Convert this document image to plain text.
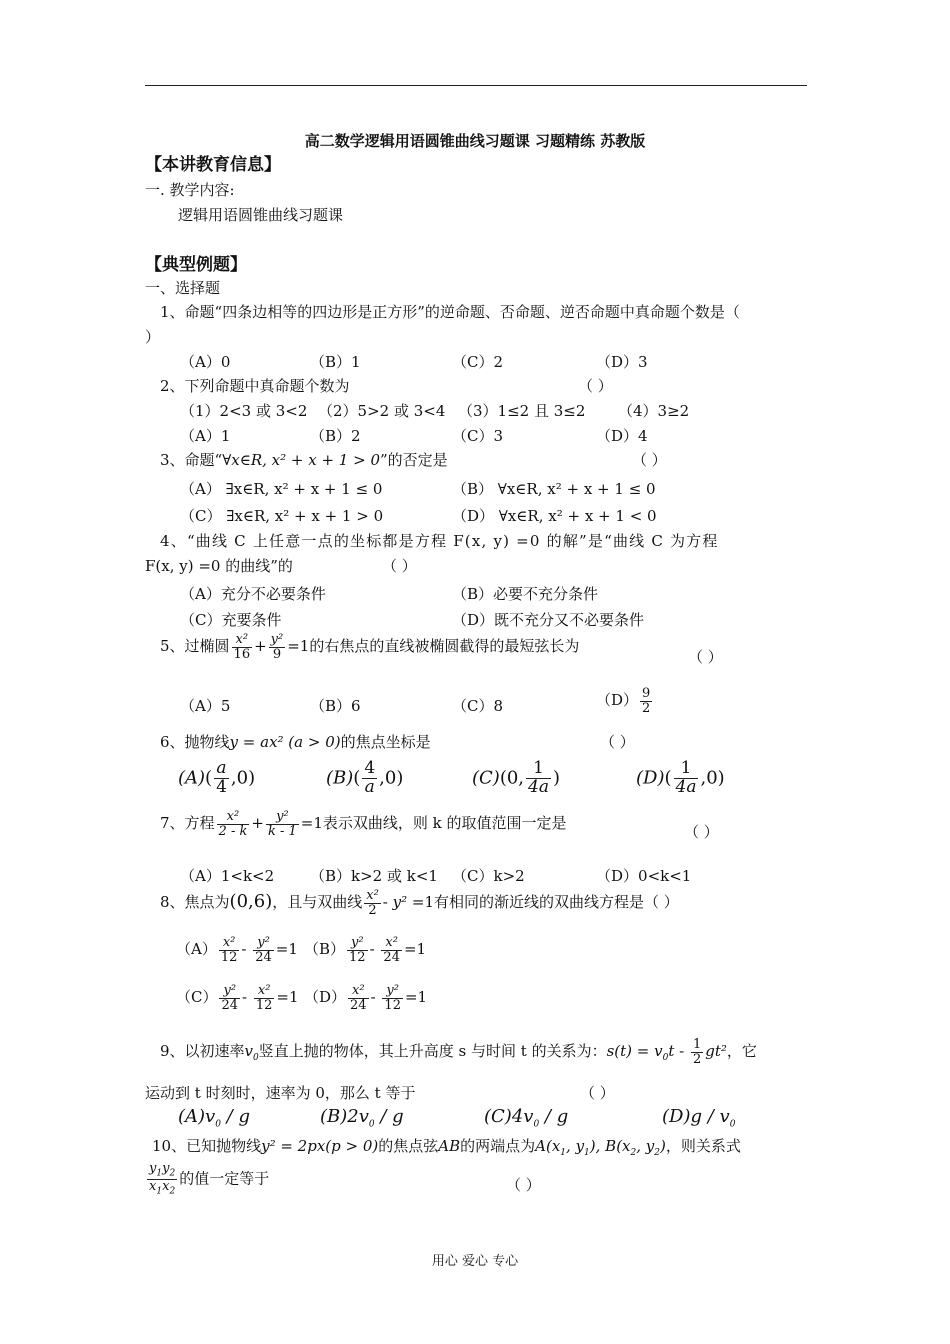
高二数学逻辑用语圆锥曲线习题课 习题精练 苏教版
【本讲教育信息】
一. 教学内容:
逻辑用语圆锥曲线习题课
【典型例题】
一、选择题
1、命题“四条边相等的四边形是正方形”的逆命题、否命题、逆否命题中真命题个数是（
）
（A）0	（B）1	（C）2	（D）3
2、下列命题中真命题个数为	（ ）
（1）2<3 或 3<2 （2）5>2 或 3<4 （3）1≤2 且 3≤2 （4）3≥2
（A）1	（B）2	（C）3	（D）4
3、命题“∀x∈R, x² + x + 1 > 0”的否定是	（ ）
（A） ∃x∈R, x² + x + 1 ≤ 0	（B） ∀x∈R, x² + x + 1 ≤ 0
（C） ∃x∈R, x² + x + 1 > 0	（D） ∀x∈R, x² + x + 1 < 0
4、“曲线 C 上任意一点的坐标都是方程 F(x, y) =0 的解”是“曲线 C 为方程
F(x, y) =0 的曲线”的	（ ）
（A）充分不必要条件	（B）必要不充分条件
（C）充要条件	（D）既不充分又不必要条件
5、过椭圆 $\frac{\text{x²}}{16} + \frac{\text{y²}}{9} =1$的右焦点的直线被椭圆截得的最短弦长为
（ ）
（A）5	（B）6	（C）8	$(D) \frac{9}{2}$
6、抛物线y = ax² (a > 0)的焦点坐标是	（ ）
$(A)( \frac{a}{4} ,0)$	$(B)( \frac{4}{a} ,0)$	(C)(0, $\frac{1}{4a}$ )	$(D)( \frac{1}{4a} ,0)$
7、方程 $\frac{\text{x²}}{2 - k} + \frac{\text{y²}}{k - 1} =1$表示双曲线，则 k 的取值范围一定是	（ ）
（A）1<k<2 （B）k>2 或 k<1 （C）k>2	（D）0<k<1
8、焦点为(0,6)，且与双曲线 $\frac{\text{x²}}{2} - y^2 =1$有相同的渐近线的双曲线方程是（ ）
$(A) \frac{\text{x²}}{12} - \frac{\text{y²}}{24} =1$ $(B) \frac{\text{y²}}{12} - \frac{\text{x²}}{24} =1$
$(C) \frac{\text{y²}}{24} - \frac{\text{x²}}{12} =1$ $(D) \frac{\text{x²}}{24} - \frac{\text{y²}}{12} =1$
9、以初速率$v_0$竖直上抛的物体，其上升高度 s 与时间 t 的关系为：$s(t) = v_0t - \frac{1}{2} gt^2$，它
运动到 t 时刻时，速率为 0，那么 t 等于	（ ）
$(A)v_0$ / g	$(B)2v_0$ / g	$(C)4v_0$ / g	$(D)g / v_0$
10、已知抛物线y² = 2px(p > 0)的焦点弦AB的两端点为$A(x_1$, $y_1$), $B(x_2$, $y_2$)，则关系式
$\frac{y_1y_2}{x_1x_2}$ 的值一定等于	（ ）
用心 爱心 专心
